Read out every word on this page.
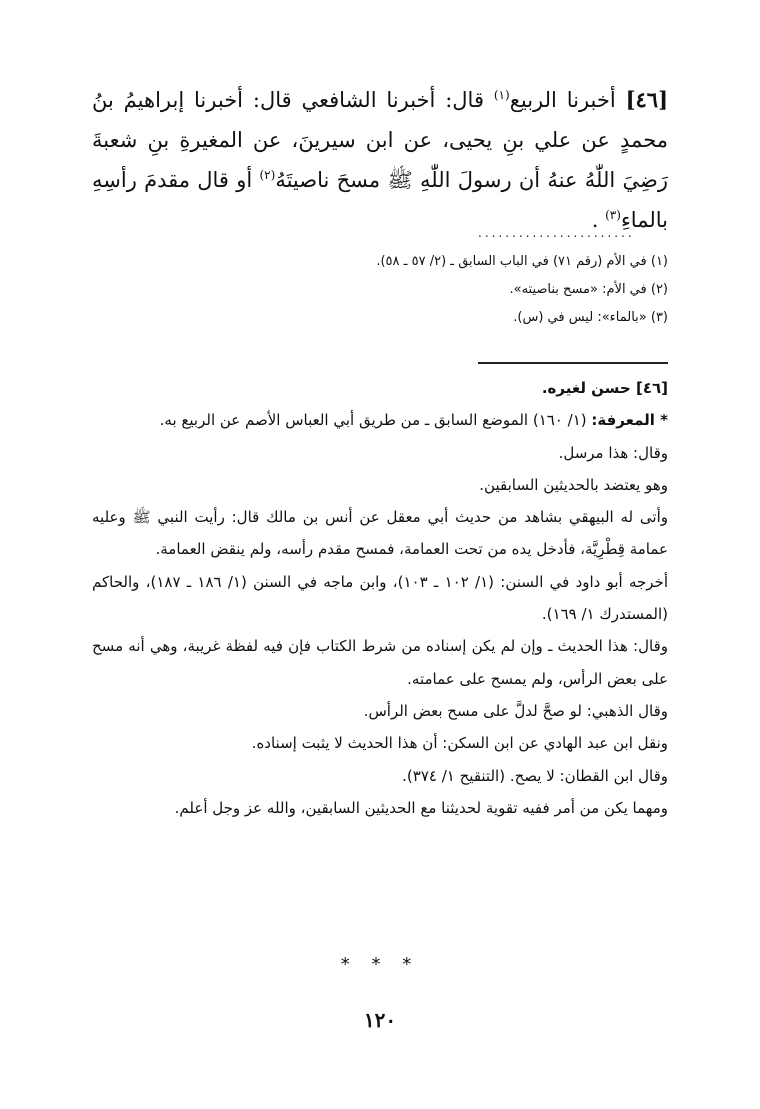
[٤٦] أخبرنا الربيع$^{(١)}$ قال: أخبرنا الشافعي قال: أخبرنا إبراهيمُ بنُ محمدٍ عن علي بنِ يحيى، عن ابن سيرينَ، عن المغيرةِ بنِ شعبةَ رَضِيَ اللّٰهُ عنهُ أن رسولَ اللّٰهِ ﷺ مسحَ ناصيتَهُ$^{(٢)}$ أو قال مقدمَ رأسِهِ بالماءِ$^{(٣)}$ .

.......................
(١) في الأم (رقم ٧١) في الباب السابق ـ (٢/ ٥٧ ـ ٥٨).
(٢) في الأم: «مسح بناصيته».
(٣) «بالماء»: ليس في (س).

[٤٦] حسن لغيره.

* المعرفة: (١/ ١٦٠) الموضع السابق ـ من طريق أبي العباس الأصم عن الربيع به.

وقال: هذا مرسل.

وهو يعتضد بالحديثين السابقين.

وأتى له البيهقي بشاهد من حديث أبي معقل عن أنس بن مالك قال: رأيت النبي ﷺ وعليه عمامة قِطْرِيَّة، فأدخل يده من تحت العمامة، فمسح مقدم رأسه، ولم ينقض العمامة.

أخرجه أبو داود في السنن: (١/ ١٠٢ ـ ١٠٣)، وابن ماجه في السنن (١/ ١٨٦ ـ ١٨٧)، والحاكم (المستدرك ١/ ١٦٩).

وقال: هذا الحديث ـ وإن لم يكن إسناده من شرط الكتاب فإن فيه لفظة غريبة، وهي أنه مسح على بعض الرأس، ولم يمسح على عمامته.

وقال الذهبي: لو صحَّ لدلَّ على مسح بعض الرأس.

ونقل ابن عبد الهادي عن ابن السكن: أن هذا الحديث لا يثبت إسناده.

وقال ابن القطان: لا يصح. (التنقيح ١/ ٣٧٤).

ومهما يكن من أمر ففيه تقوية لحديثنا مع الحديثين السابقين، والله عز وجل أعلم.

* * *
١٢٠
